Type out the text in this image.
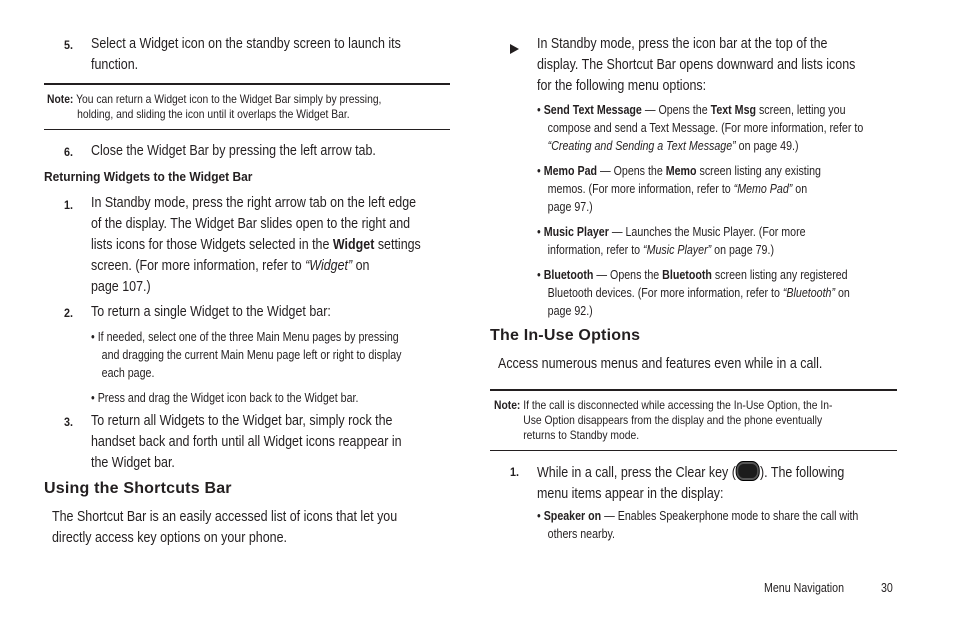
5. Select a Widget icon on the standby screen to launch its
function.
Note: You can return a Widget icon to the Widget Bar simply by pressing,
holding, and sliding the icon until it overlaps the Widget Bar.
6. Close the Widget Bar by pressing the left arrow tab.
Returning Widgets to the Widget Bar
1. In Standby mode, press the right arrow tab on the left edge
of the display. The Widget Bar slides open to the right and
lists icons for those Widgets selected in the Widget settings
screen. (For more information, refer to “Widget” on
page 107.)
2. To return a single Widget to the Widget bar:
• If needed, select one of the three Main Menu pages by pressing
and dragging the current Main Menu page left or right to display
each page.
• Press and drag the Widget icon back to the Widget bar.
3. To return all Widgets to the Widget bar, simply rock the
handset back and forth until all Widget icons reappear in
the Widget bar.
Using the Shortcuts Bar
The Shortcut Bar is an easily accessed list of icons that let you
directly access key options on your phone.
In Standby mode, press the icon bar at the top of the
display. The Shortcut Bar opens downward and lists icons
for the following menu options:
• Send Text Message — Opens the Text Msg screen, letting you
compose and send a Text Message. (For more information, refer to
“Creating and Sending a Text Message” on page 49.)
• Memo Pad — Opens the Memo screen listing any existing
memos. (For more information, refer to “Memo Pad” on
page 97.)
• Music Player — Launches the Music Player. (For more
information, refer to “Music Player” on page 79.)
• Bluetooth — Opens the Bluetooth screen listing any registered
Bluetooth devices. (For more information, refer to “Bluetooth” on
page 92.)
The In-Use Options
Access numerous menus and features even while in a call.
Note: If the call is disconnected while accessing the In-Use Option, the In-
Use Option disappears from the display and the phone eventually
returns to Standby mode.
1. While in a call, press the Clear key ( ). The following
menu items appear in the display:
• Speaker on — Enables Speakerphone mode to share the call with
others nearby.
Menu Navigation	30
